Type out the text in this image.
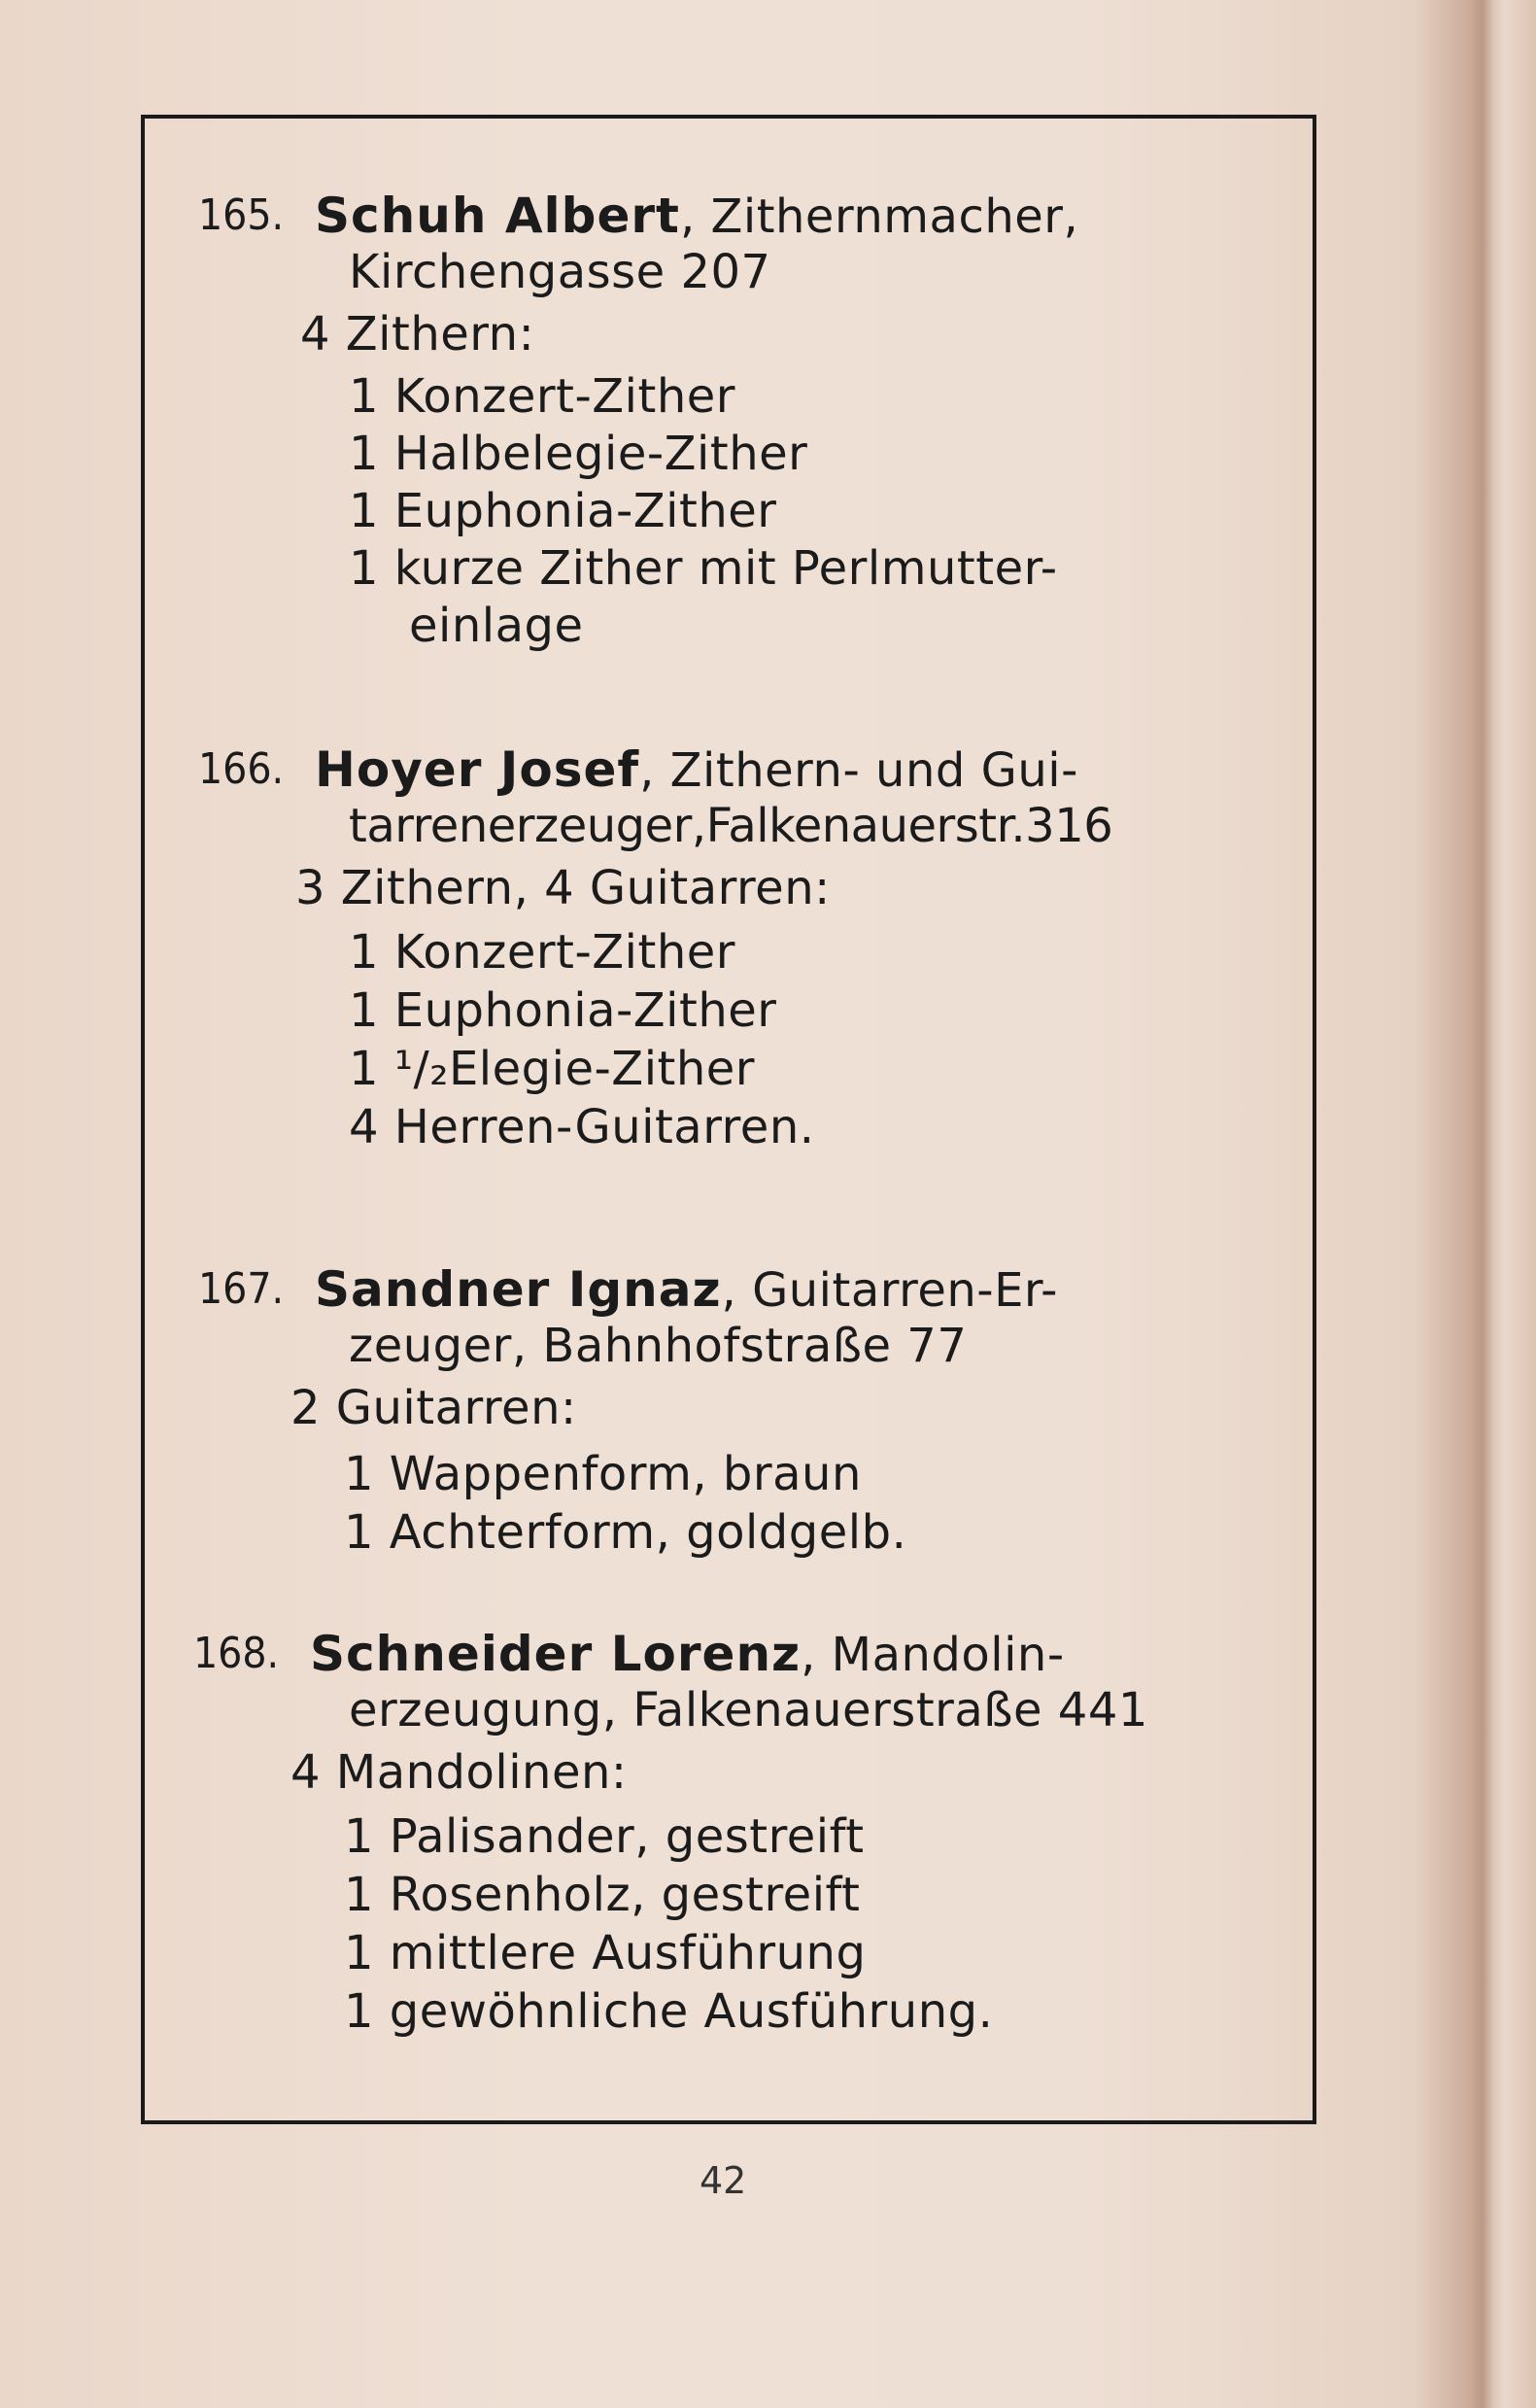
165. Schuh Albert, Zithernmacher,
Kirchengasse 207
4 Zithern:
1 Konzert-Zither
1 Halbelegie-Zither
1 Euphonia-Zither
1 kurze Zither mit Perlmutter-
einlage
166. Hoyer Josef, Zithern- und Gui-
tarrenerzeuger,Falkenauerstr.316
3 Zithern, 4 Guitarren:
1 Konzert-Zither
1 Euphonia-Zither
1 ¹/₂Elegie-Zither
4 Herren-Guitarren.
167. Sandner Ignaz, Guitarren-Er-
zeuger, Bahnhofstraße 77
2 Guitarren:
1 Wappenform, braun
1 Achterform, goldgelb.
168. Schneider Lorenz, Mandolin-
erzeugung, Falkenauerstraße 441
4 Mandolinen:
1 Palisander, gestreift
1 Rosenholz, gestreift
1 mittlere Ausführung
1 gewöhnliche Ausführung.
42
